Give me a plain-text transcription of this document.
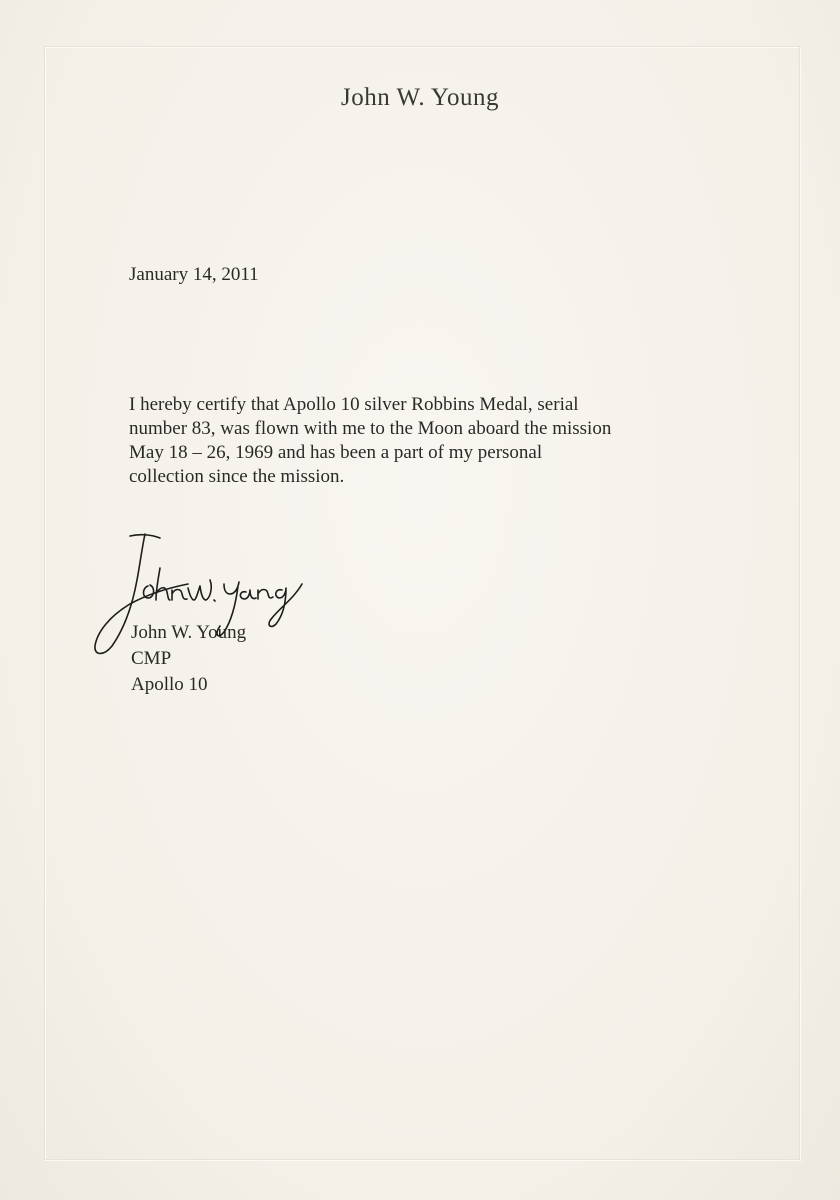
John W. Young
January 14, 2011
I hereby certify that Apollo 10 silver Robbins Medal, serial
number 83, was flown with me to the Moon aboard the mission
May 18 – 26, 1969 and has been a part of my personal
collection since the mission.
John W. Young
CMP
Apollo 10
